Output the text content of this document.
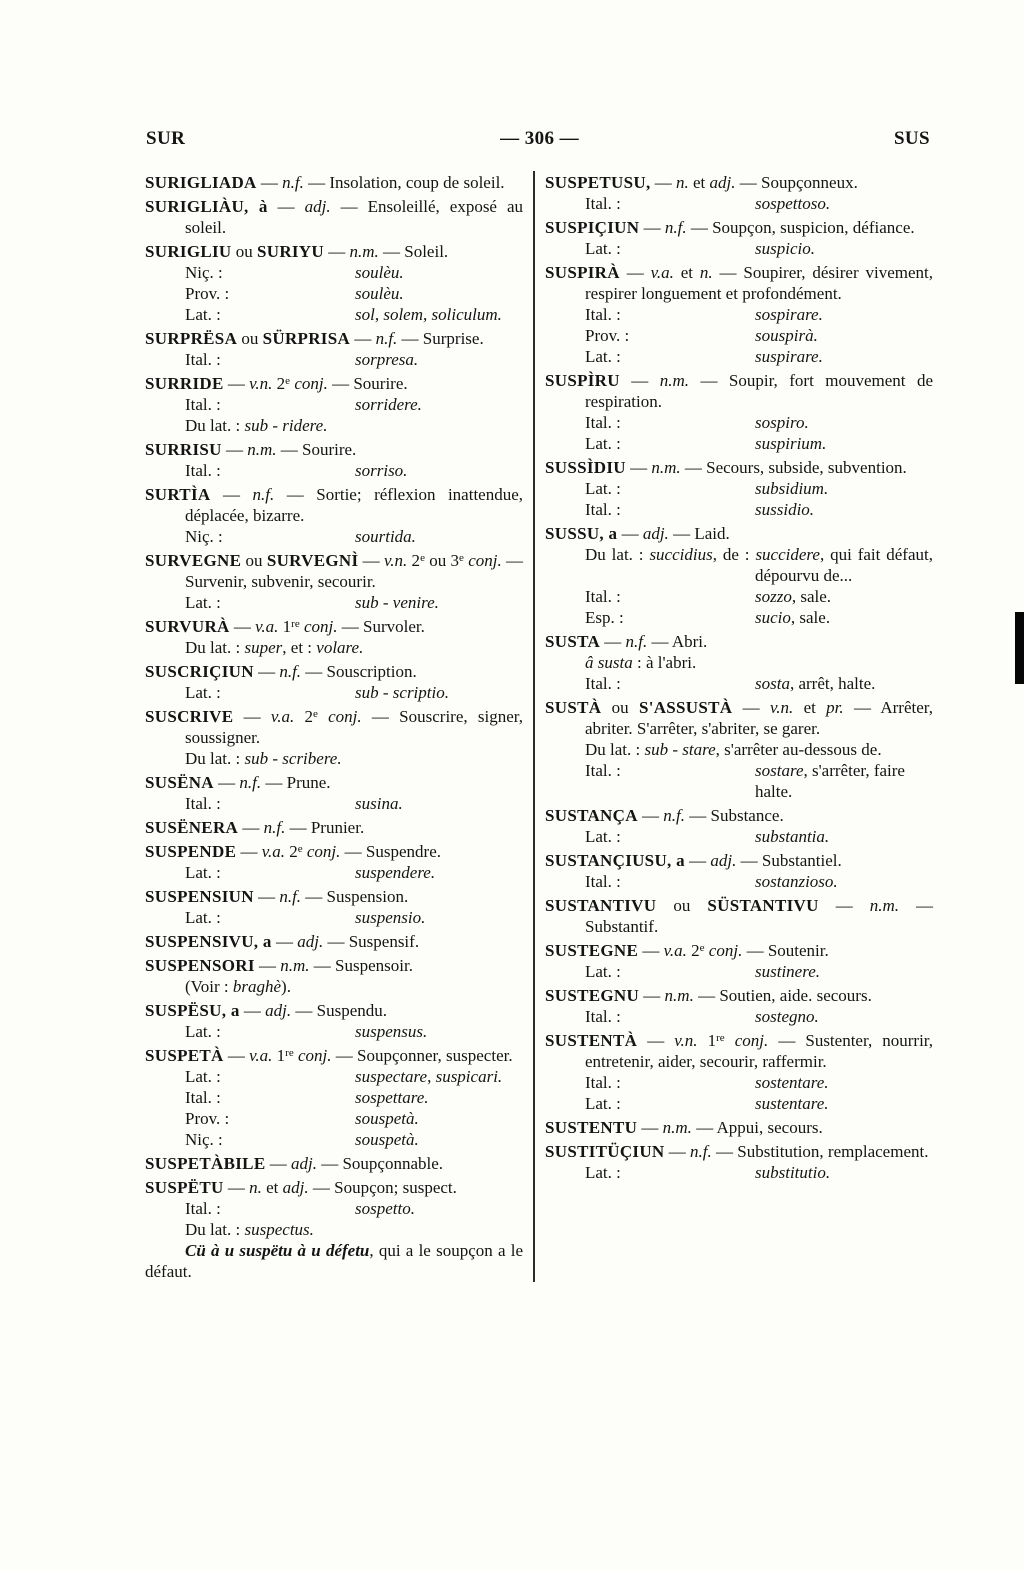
SUR	— 306 —	SUS
SURIGLIADA — n.f. — Insolation, coup de soleil.
SURIGLIÀU, à — adj. — Ensoleillé, exposé au soleil.
SURIGLIU ou SURIYU — n.m. — Soleil.
Niç. :	soulèu.
Prov. :	soulèu.
Lat. :	sol, solem, soliculum.
SURPRËSA ou SÜRPRISA — n.f. — Surprise.
Ital. :	sorpresa.
SURRIDE — v.n. 2e conj. — Sourire.
Ital. :	sorridere.
Du lat. : sub - ridere.
SURRISU — n.m. — Sourire.
Ital. :	sorriso.
SURTÌA — n.f. — Sortie; réflexion inattendue, déplacée, bizarre.
Niç. :	sourtida.
SURVEGNE ou SURVEGNÌ — v.n. 2e ou 3e conj. — Survenir, subvenir, secourir.
Lat. :	sub - venire.
SURVURÀ — v.a. 1re conj. — Survoler.
Du lat. : super, et : volare.
SUSCRIÇIUN — n.f. — Souscription.
Lat. :	sub - scriptio.
SUSCRIVE — v.a. 2e conj. — Souscrire, signer, soussigner.
Du lat. : sub - scribere.
SUSËNA — n.f. — Prune.
Ital. :	susina.
SUSËNERA — n.f. — Prunier.
SUSPENDE — v.a. 2e conj. — Suspendre.
Lat. :	suspendere.
SUSPENSIUN — n.f. — Suspension.
Lat. :	suspensio.
SUSPENSIVU, a — adj. — Suspensif.
SUSPENSORI — n.m. — Suspensoir.
(Voir : braghè).
SUSPËSU, a — adj. — Suspendu.
Lat. :	suspensus.
SUSPETÀ — v.a. 1re conj. — Soupçonner, suspecter.
Lat. :	suspectare, suspicari.
Ital. :	sospettare.
Prov. :	souspetà.
Niç. :	souspetà.
SUSPETÀBILE — adj. — Soupçonnable.
SUSPËTU — n. et adj. — Soupçon; suspect.
Ital. :	sospetto.
Du lat. : suspectus.
Cü à u suspëtu à u défetu, qui a le soupçon a le défaut.
SUSPETUSU, — n. et adj. — Soupçonneux.
Ital. :	sospettoso.
SUSPIÇIUN — n.f. — Soupçon, suspicion, défiance.
Lat. :	suspicio.
SUSPIRÀ — v.a. et n. — Soupirer, désirer vivement, respirer longuement et profondément.
Ital. :	sospirare.
Prov. :	souspirà.
Lat. :	suspirare.
SUSPÌRU — n.m. — Soupir, fort mouvement de respiration.
Ital. :	sospiro.
Lat. :	suspirium.
SUSSÌDIU — n.m. — Secours, subside, subvention.
Lat. :	subsidium.
Ital. :	sussidio.
SUSSU, a — adj. — Laid.
Du lat. : succidius, de : succidere, qui fait défaut, dépourvu de...
Ital. :	sozzo, sale.
Esp. :	sucio, sale.
SUSTA — n.f. — Abri.
â susta : à l'abri.
Ital. :	sosta, arrêt, halte.
SUSTÀ ou S'ASSUSTÀ — v.n. et pr. — Arrêter, abriter. S'arrêter, s'abriter, se garer.
Du lat. : sub - stare, s'arrêter au-dessous de.
Ital. :	sostare, s'arrêter, faire halte.
SUSTANÇA — n.f. — Substance.
Lat. :	substantia.
SUSTANÇIUSU, a — adj. — Substantiel.
Ital. :	sostanzioso.
SUSTANTIVU ou SÜSTANTIVU — n.m. — Substantif.
SUSTEGNE — v.a. 2e conj. — Soutenir.
Lat. :	sustinere.
SUSTEGNU — n.m. — Soutien, aide. secours.
Ital. :	sostegno.
SUSTENTÀ — v.n. 1re conj. — Sustenter, nourrir, entretenir, aider, secourir, raffermir.
Ital. :	sostentare.
Lat. :	sustentare.
SUSTENTU — n.m. — Appui, secours.
SUSTITÜÇIUN — n.f. — Substitution, remplacement.
Lat. :	substitutio.
